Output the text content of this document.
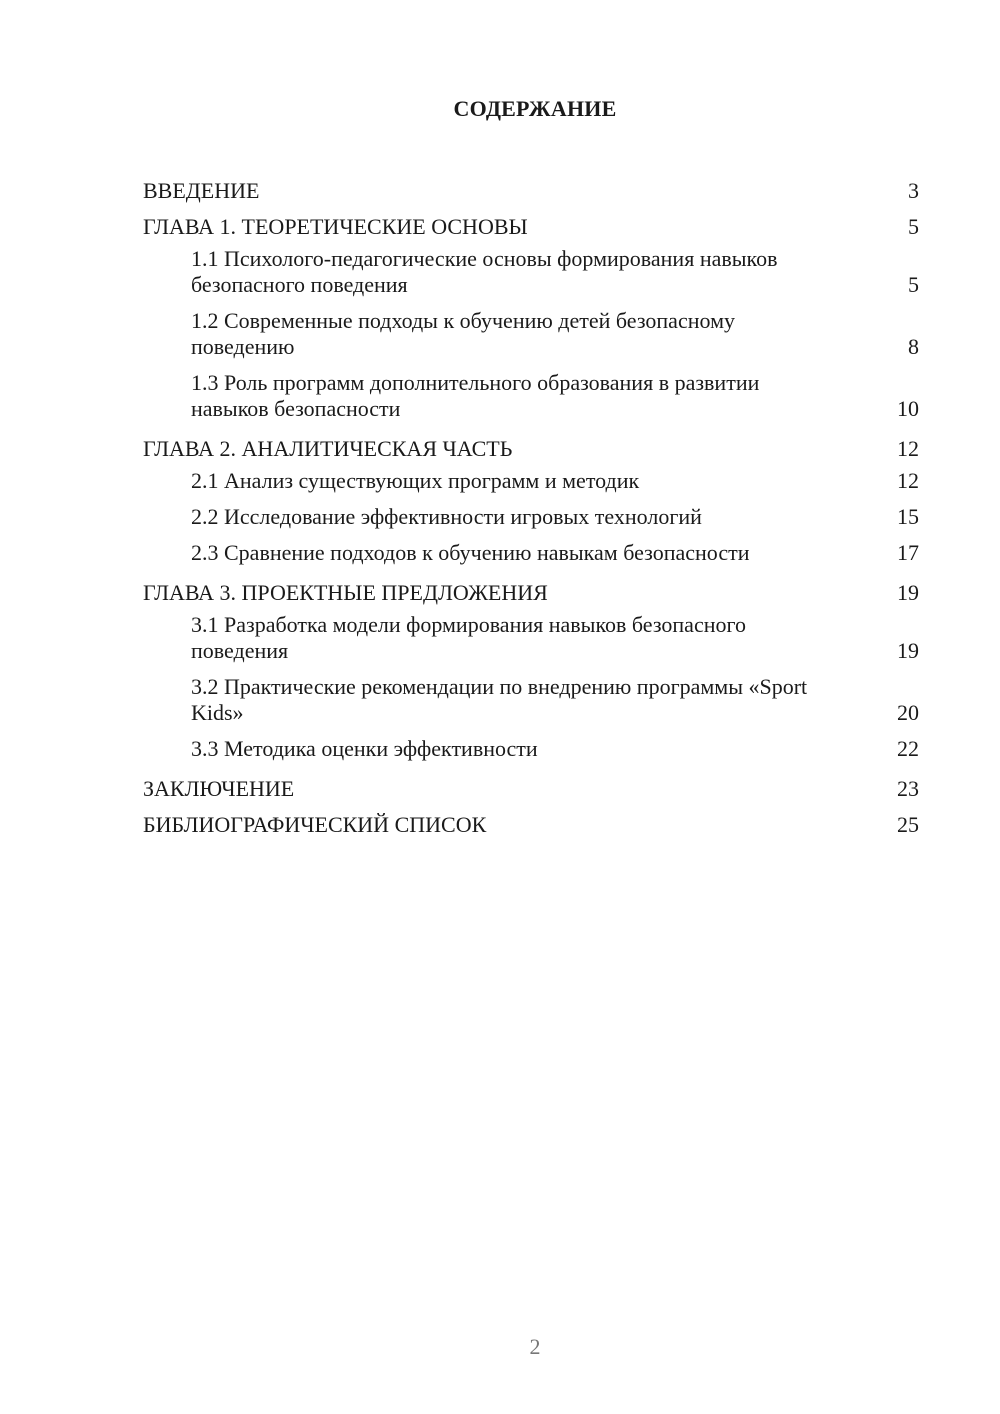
СОДЕРЖАНИЕ
ВВЕДЕНИЕ	3
ГЛАВА 1. ТЕОРЕТИЧЕСКИЕ ОСНОВЫ	5
1.1 Психолого-педагогические основы формирования навыков безопасного поведения	5
1.2 Современные подходы к обучению детей безопасному поведению	8
1.3 Роль программ дополнительного образования в развитии навыков безопасности	10
ГЛАВА 2. АНАЛИТИЧЕСКАЯ ЧАСТЬ	12
2.1 Анализ существующих программ и методик	12
2.2 Исследование эффективности игровых технологий	15
2.3 Сравнение подходов к обучению навыкам безопасности	17
ГЛАВА 3. ПРОЕКТНЫЕ ПРЕДЛОЖЕНИЯ	19
3.1 Разработка модели формирования навыков безопасного поведения	19
3.2 Практические рекомендации по внедрению программы «Sport Kids»	20
3.3 Методика оценки эффективности	22
ЗАКЛЮЧЕНИЕ	23
БИБЛИОГРАФИЧЕСКИЙ СПИСОК	25
2
